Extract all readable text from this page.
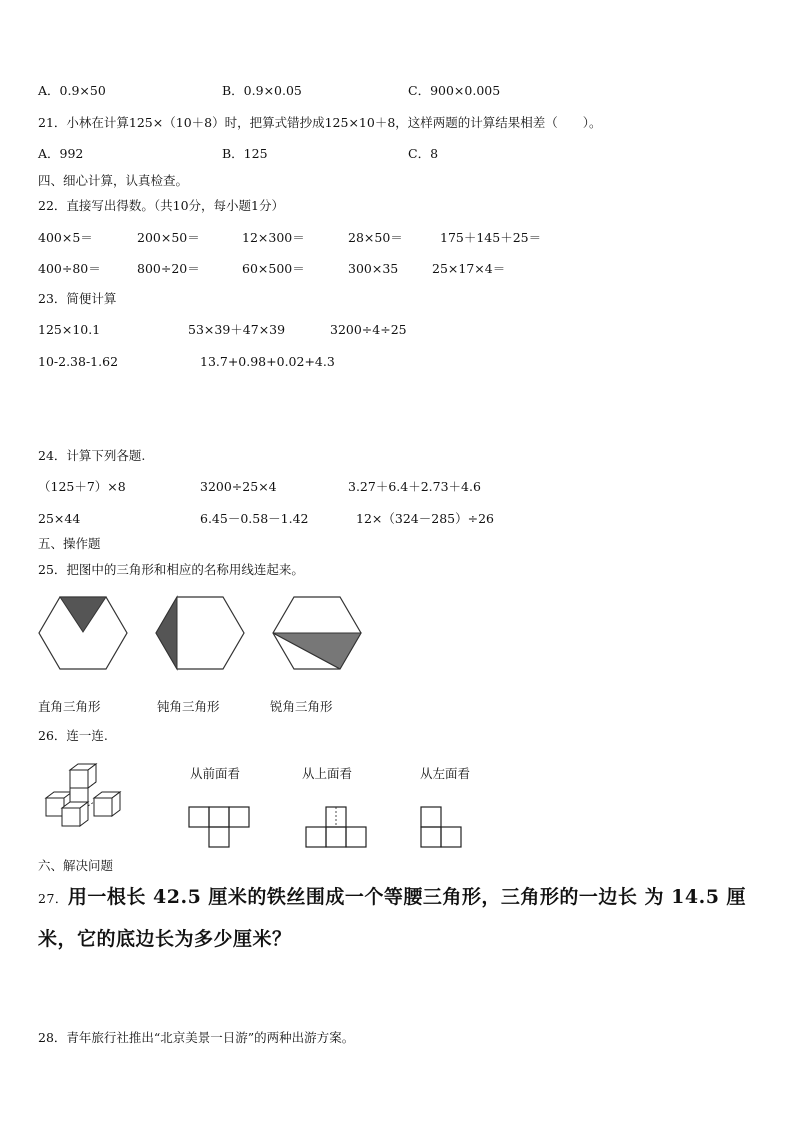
A．0.9×50	B．0.9×0.05	C．900×0.005
21．小林在计算125×（10＋8）时，把算式错抄成125×10＋8，这样两题的计算结果相差（　　）。
A．992	B．125	C．8
四、细心计算，认真检查。
22．直接写出得数。（共10分，每小题1分）
400×5＝	200×50＝	12×300＝	28×50＝	175＋145＋25＝
400÷80＝	800÷20＝	60×500＝	300×35	25×17×4＝
23．简便计算
125×10.1	53×39＋47×39	3200÷4÷25
10-2.38-1.62	13.7+0.98+0.02+4.3
24．计算下列各题.
（125＋7）×8	3200÷25×4	3.27＋6.4＋2.73＋4.6
25×44	6.45－0.58－1.42	12×（324－285）÷26
五、操作题
25．把图中的三角形和相应的名称用线连起来。
直角三角形	钝角三角形	锐角三角形
26．连一连.
从前面看	从上面看	从左面看
六、解决问题
27．用一根长 42.5 厘米的铁丝围成一个等腰三角形，三角形的一边长 为 14.5 厘
米，它的底边长为多少厘米？
28．青年旅行社推出“北京美景一日游”的两种出游方案。
